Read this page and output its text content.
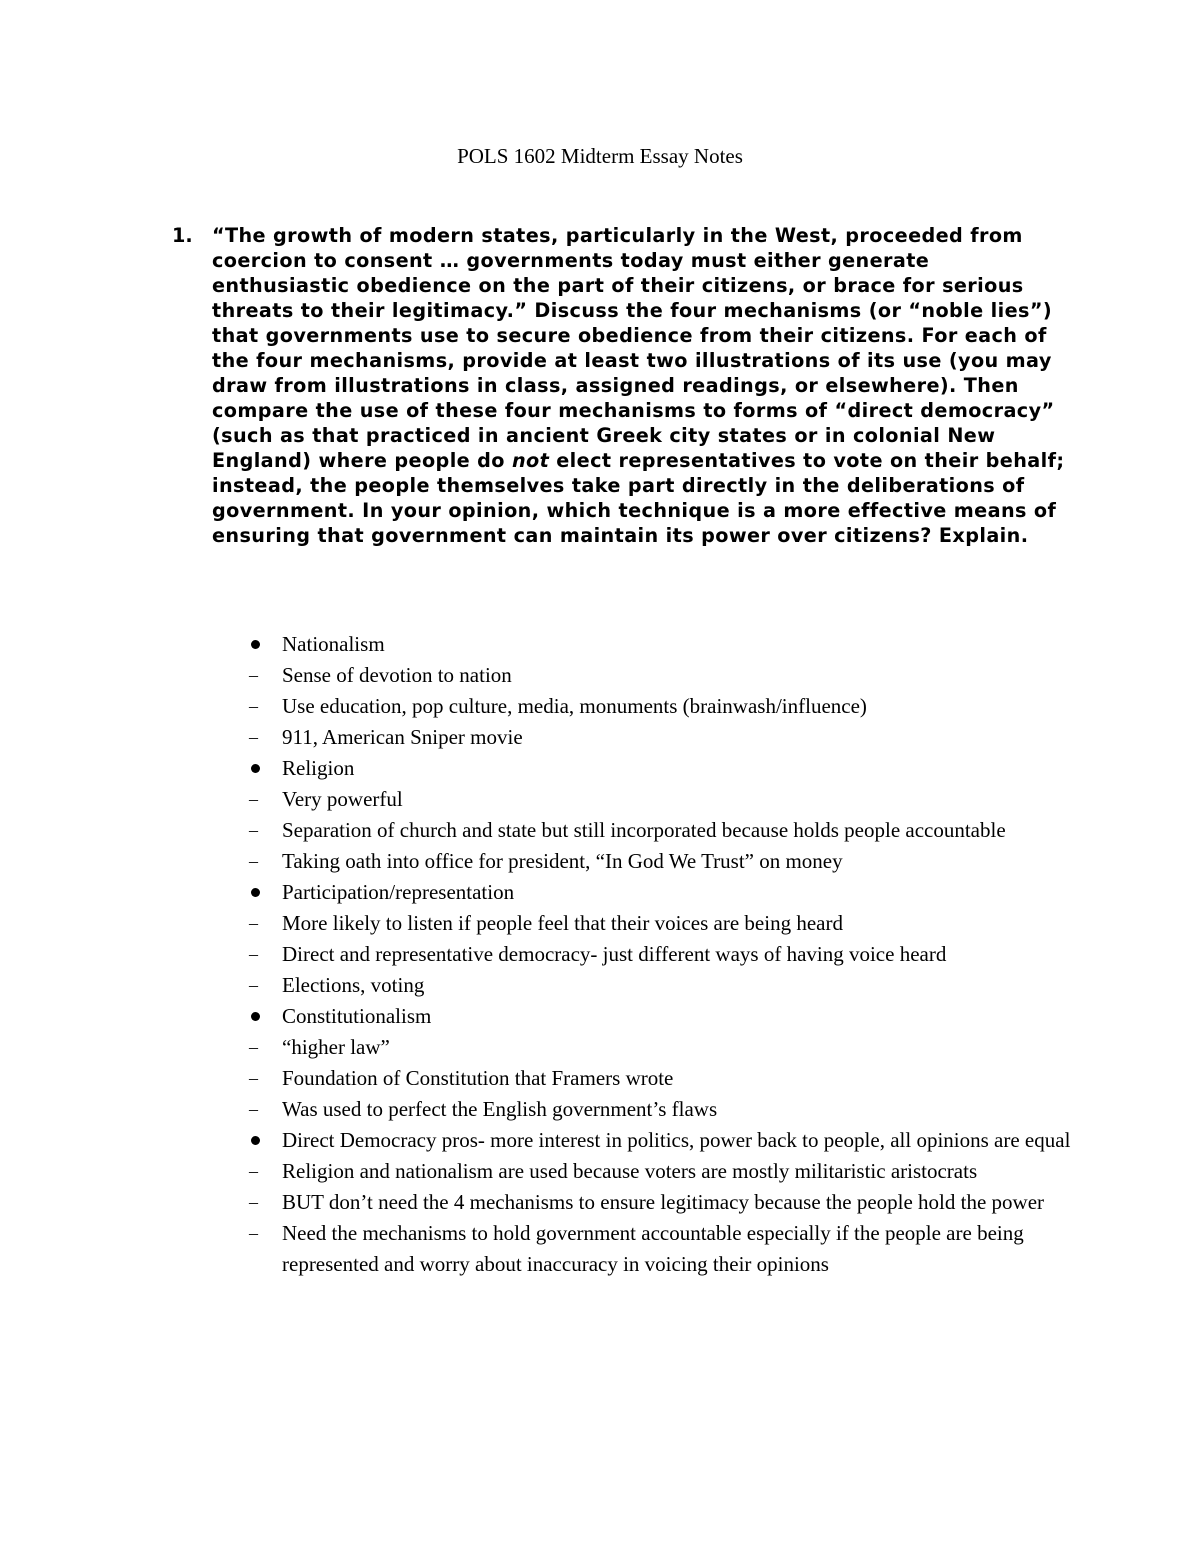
POLS 1602 Midterm Essay Notes
1. “The growth of modern states, particularly in the West, proceeded from coercion to consent … governments today must either generate enthusiastic obedience on the part of their citizens, or brace for serious threats to their legitimacy.” Discuss the four mechanisms (or “noble lies”) that governments use to secure obedience from their citizens. For each of the four mechanisms, provide at least two illustrations of its use (you may draw from illustrations in class, assigned readings, or elsewhere). Then compare the use of these four mechanisms to forms of “direct democracy” (such as that practiced in ancient Greek city states or in colonial New England) where people do not elect representatives to vote on their behalf; instead, the people themselves take part directly in the deliberations of government. In your opinion, which technique is a more effective means of ensuring that government can maintain its power over citizens? Explain.

Nationalism
Sense of devotion to nation
Use education, pop culture, media, monuments (brainwash/influence)
911, American Sniper movie
Religion
Very powerful
Separation of church and state but still incorporated because holds people accountable
Taking oath into office for president, “In God We Trust” on money
Participation/representation
More likely to listen if people feel that their voices are being heard
Direct and representative democracy- just different ways of having voice heard
Elections, voting
Constitutionalism
“higher law”
Foundation of Constitution that Framers wrote
Was used to perfect the English government’s flaws
Direct Democracy pros- more interest in politics, power back to people, all opinions are equal
Religion and nationalism are used because voters are mostly militaristic aristocrats
BUT don’t need the 4 mechanisms to ensure legitimacy because the people hold the power
Need the mechanisms to hold government accountable especially if the people are being represented and worry about inaccuracy in voicing their opinions
